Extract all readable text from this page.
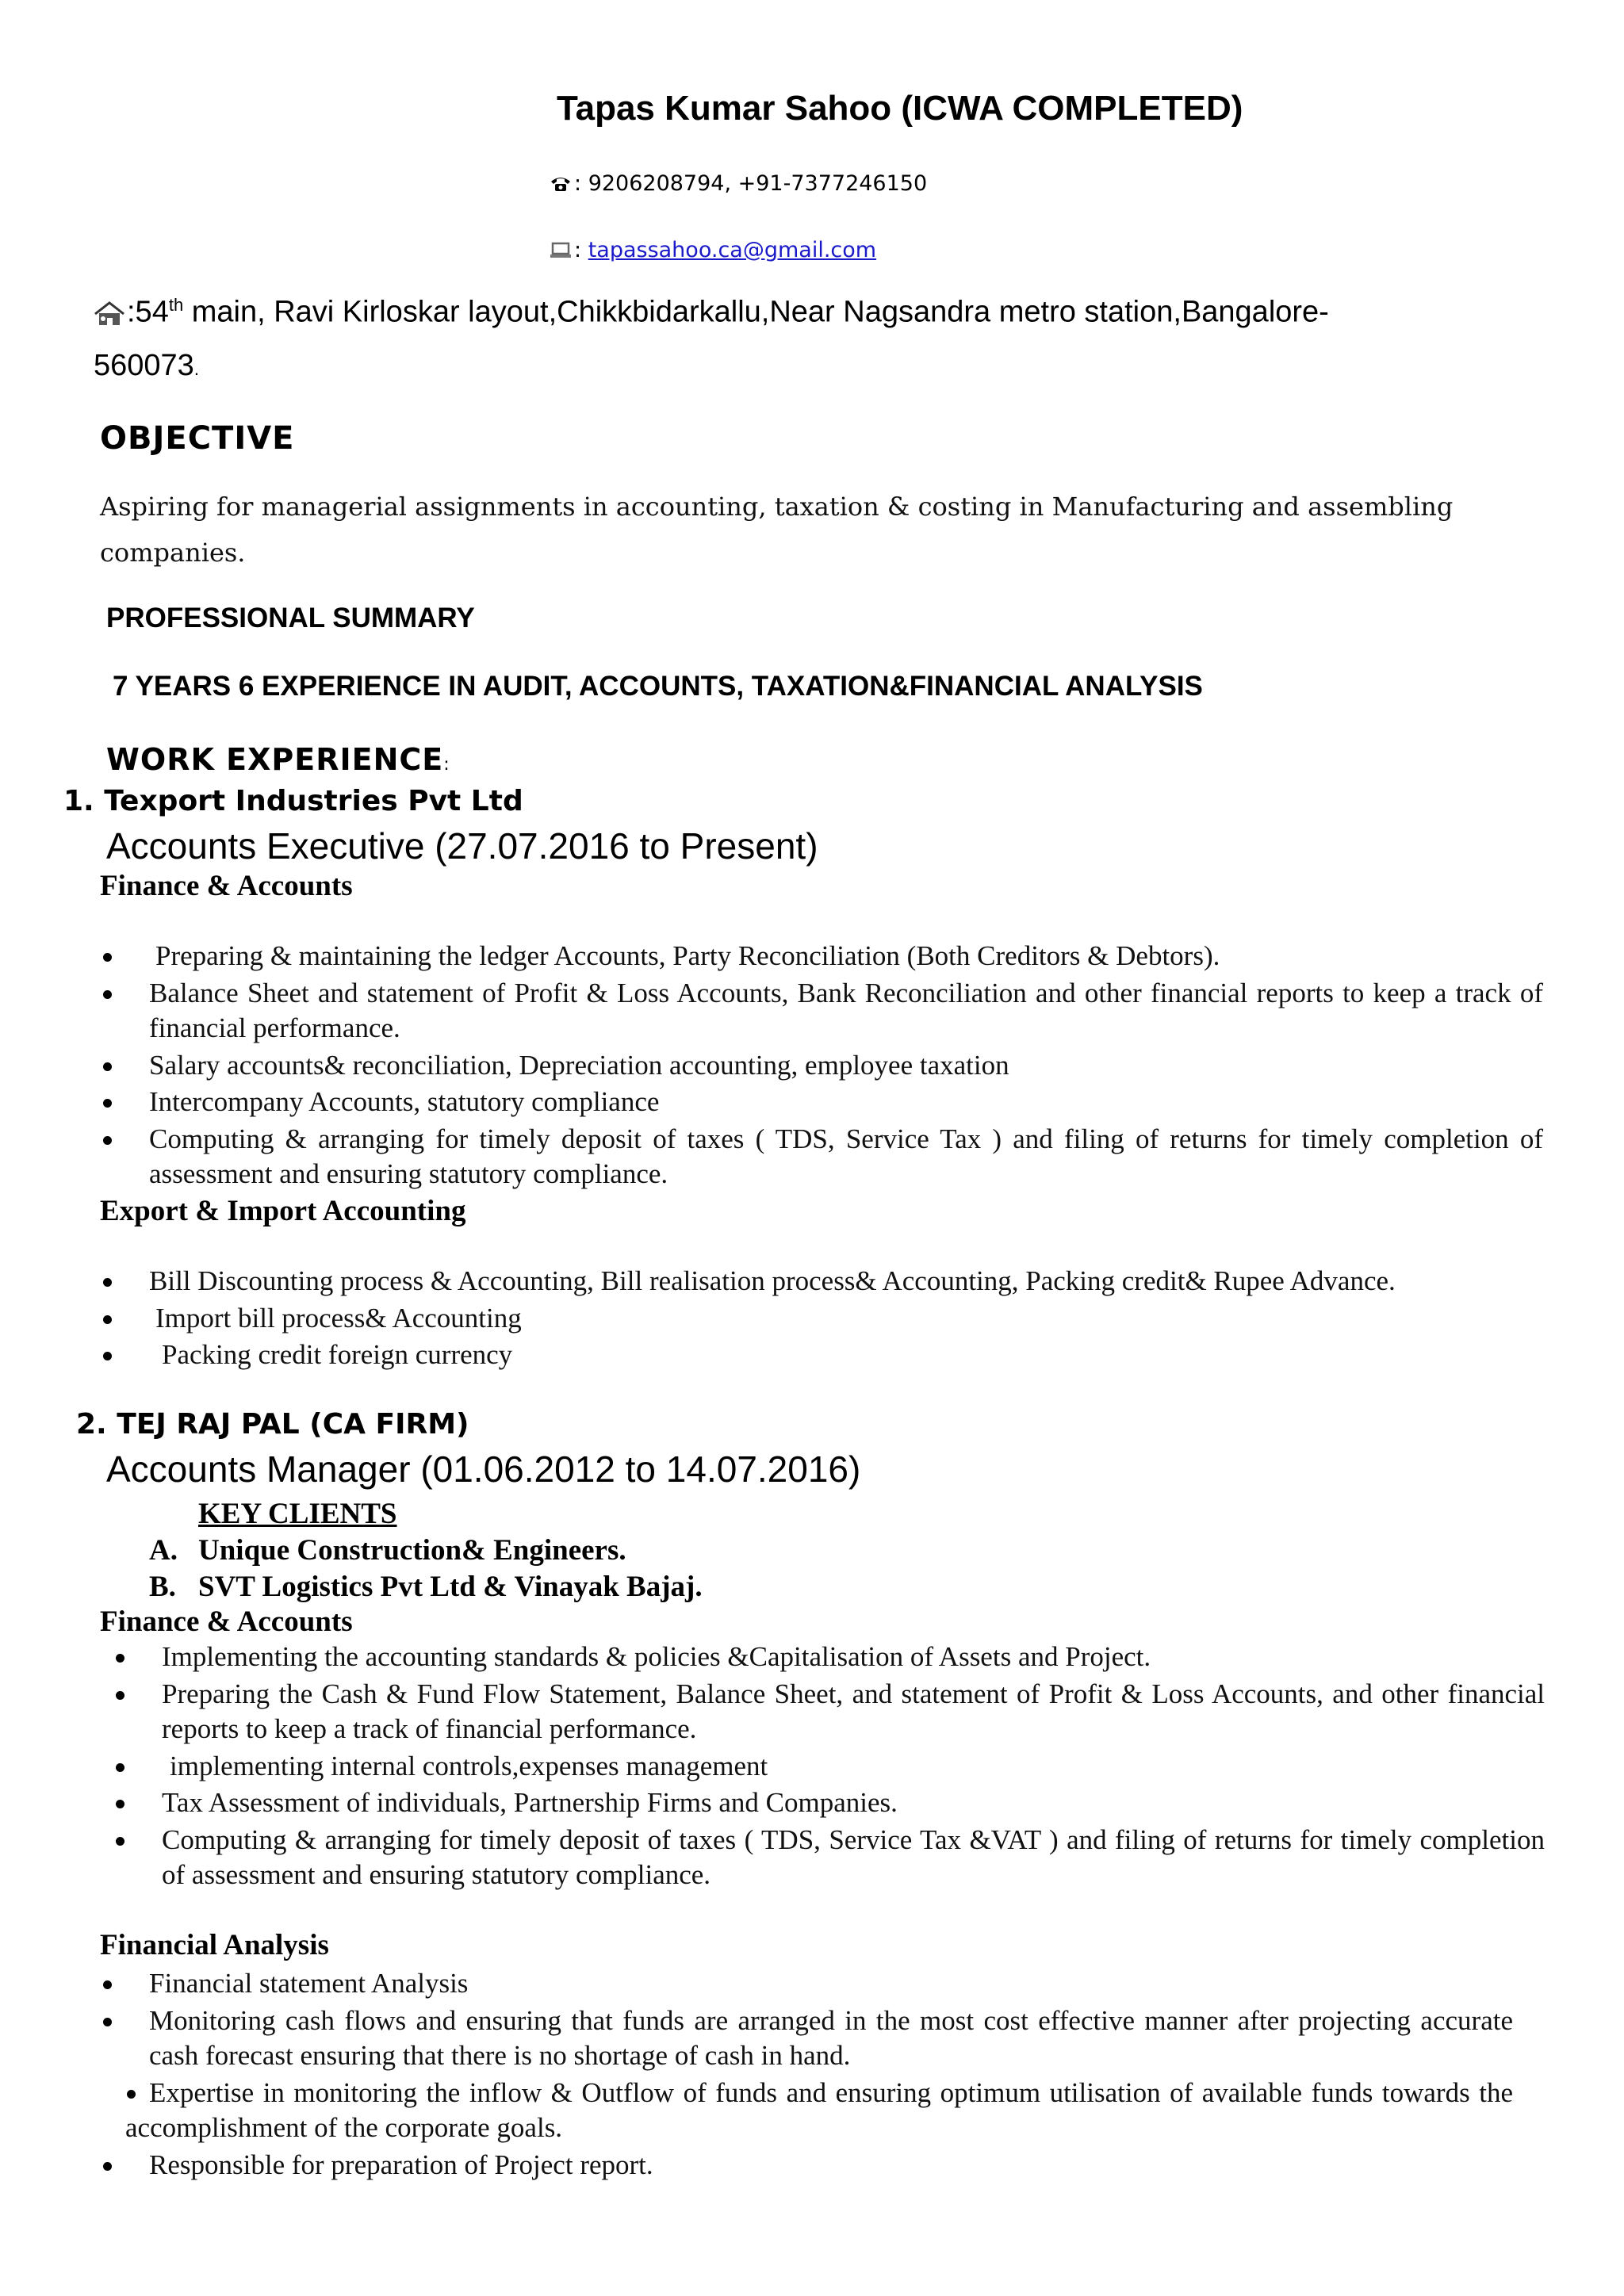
Tapas Kumar Sahoo (ICWA COMPLETED)
: 9206208794, +91-7377246150
: tapassahoo.ca@gmail.com
:54th main, Ravi Kirloskar layout,Chikkbidarkallu,Near Nagsandra metro station,Bangalore-
560073.
OBJECTIVE
Aspiring for managerial assignments in accounting, taxation & costing in Manufacturing and assembling companies.
PROFESSIONAL SUMMARY
7 YEARS 6 EXPERIENCE IN AUDIT, ACCOUNTS, TAXATION&FINANCIAL ANALYSIS
WORK EXPERIENCE:
1. Texport Industries Pvt Ltd
Accounts Executive (27.07.2016 to Present)
Finance & Accounts
Preparing & maintaining the ledger Accounts, Party Reconciliation (Both Creditors & Debtors).
Balance Sheet and statement of Profit & Loss Accounts, Bank Reconciliation and other financial reports to keep a track of financial performance.
Salary accounts& reconciliation, Depreciation accounting, employee taxation
Intercompany Accounts, statutory compliance
Computing & arranging for timely deposit of taxes ( TDS, Service Tax ) and filing of returns for timely completion of assessment and ensuring statutory compliance.
Export & Import Accounting
Bill Discounting process & Accounting, Bill realisation process& Accounting, Packing credit& Rupee Advance.
Import bill process& Accounting
Packing credit foreign currency
2. TEJ RAJ PAL (CA FIRM)
Accounts Manager (01.06.2012 to 14.07.2016)
KEY CLIENTS
A. Unique Construction& Engineers.
B. SVT Logistics Pvt Ltd & Vinayak Bajaj.
Finance & Accounts
Implementing the accounting standards & policies &Capitalisation of Assets and Project.
Preparing the Cash & Fund Flow Statement, Balance Sheet, and statement of Profit & Loss Accounts, and other financial reports to keep a track of financial performance.
implementing internal controls,expenses management
Tax Assessment of individuals, Partnership Firms and Companies.
Computing & arranging for timely deposit of taxes ( TDS, Service Tax &VAT ) and filing of returns for timely completion of assessment and ensuring statutory compliance.
Financial Analysis
Financial statement Analysis
Monitoring cash flows and ensuring that funds are arranged in the most cost effective manner after projecting accurate cash forecast ensuring that there is no shortage of cash in hand.
Expertise in monitoring the inflow & Outflow of funds and ensuring optimum utilisation of available funds towards the accomplishment of the corporate goals.
Responsible for preparation of Project report.
